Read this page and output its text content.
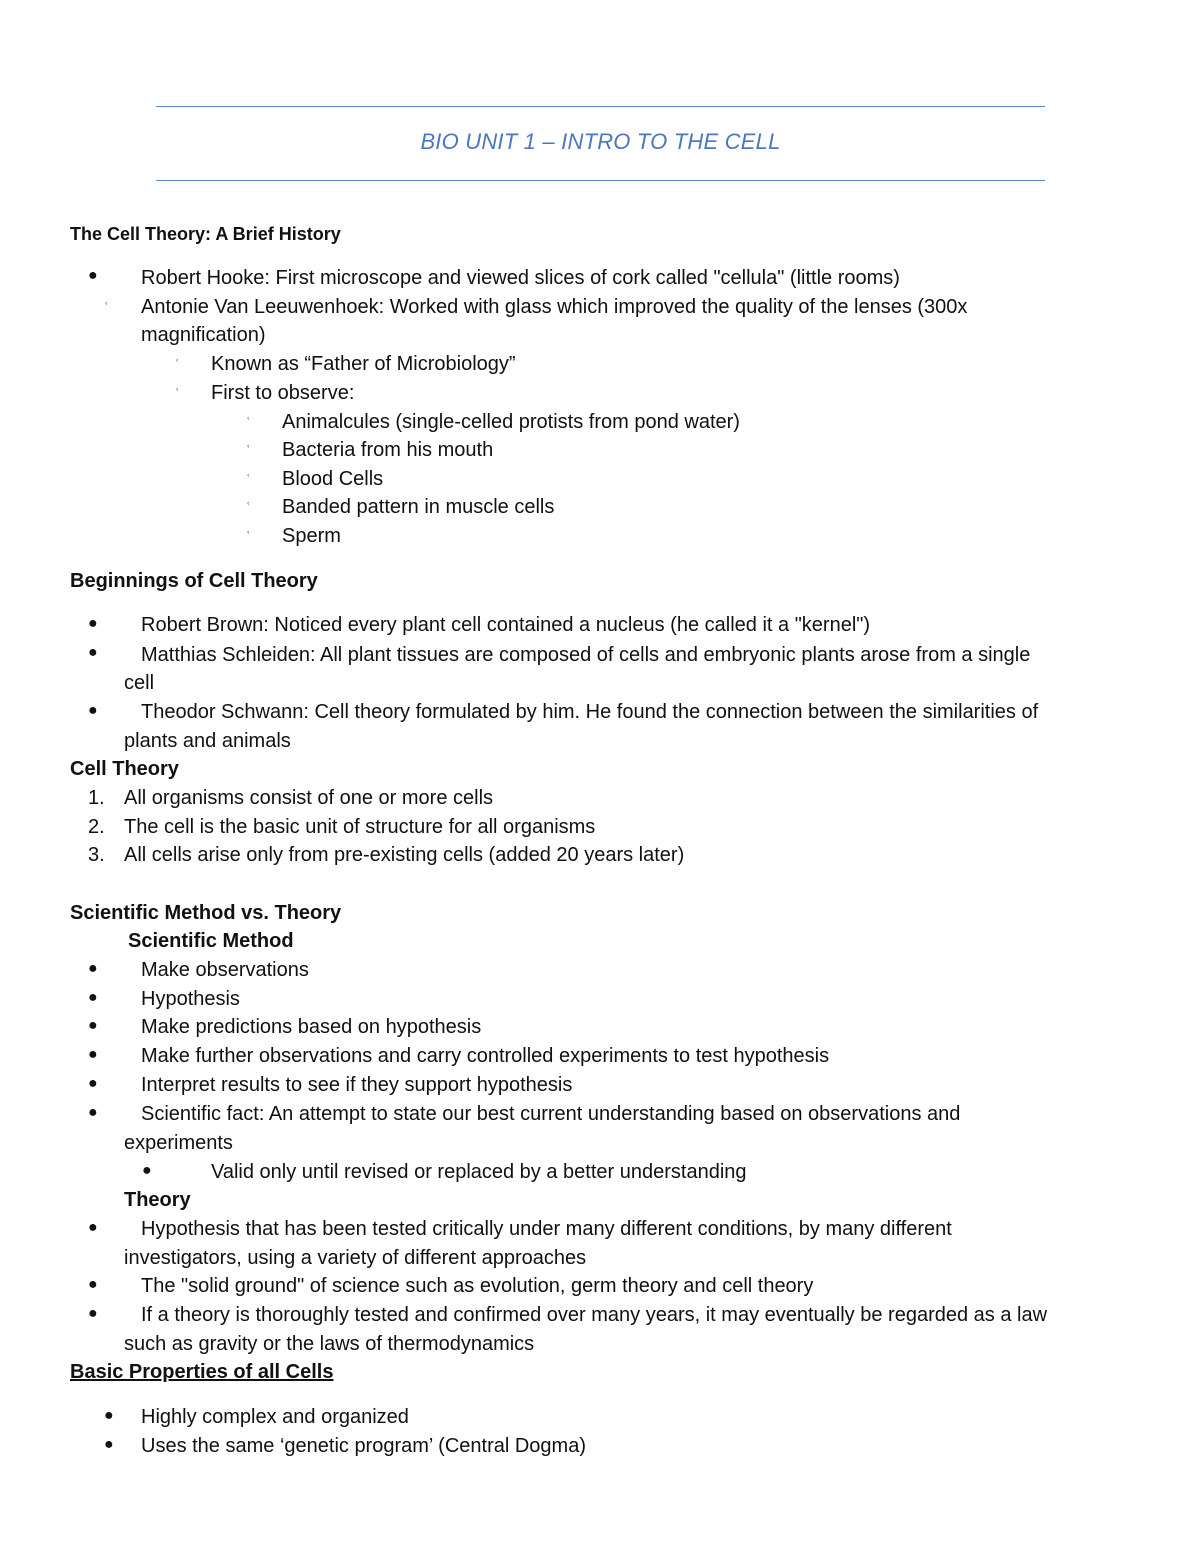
BIO UNIT 1 – INTRO TO THE CELL
The Cell Theory: A Brief History
● Robert Hooke: First microscope and viewed slices of cork called "cellula" (little rooms)
ʿ Antonie Van Leeuwenhoek: Worked with glass which improved the quality of the lenses (300x
magnification)
ʿ Known as “Father of Microbiology”
ʿ First to observe:
ʿ Animalcules (single-celled protists from pond water)
ʿ Bacteria from his mouth
ʿ Blood Cells
ʿ Banded pattern in muscle cells
ʿ Sperm
Beginnings of Cell Theory
● Robert Brown: Noticed every plant cell contained a nucleus (he called it a "kernel")
● Matthias Schleiden: All plant tissues are composed of cells and embryonic plants arose from a single
cell
● Theodor Schwann: Cell theory formulated by him. He found the connection between the similarities of
plants and animals
Cell Theory
1. All organisms consist of one or more cells
2. The cell is the basic unit of structure for all organisms
3. All cells arise only from pre-existing cells (added 20 years later)
Scientific Method vs. Theory
Scientific Method
● Make observations
● Hypothesis
● Make predictions based on hypothesis
● Make further observations and carry controlled experiments to test hypothesis
● Interpret results to see if they support hypothesis
● Scientific fact: An attempt to state our best current understanding based on observations and
experiments
●	Valid only until revised or replaced by a better understanding
Theory
● Hypothesis that has been tested critically under many different conditions, by many different
investigators, using a variety of different approaches
● The "solid ground" of science such as evolution, germ theory and cell theory
● If a theory is thoroughly tested and confirmed over many years, it may eventually be regarded as a law
such as gravity or the laws of thermodynamics
Basic Properties of all Cells
● Highly complex and organized
● Uses the same ‘genetic program’ (Central Dogma)
